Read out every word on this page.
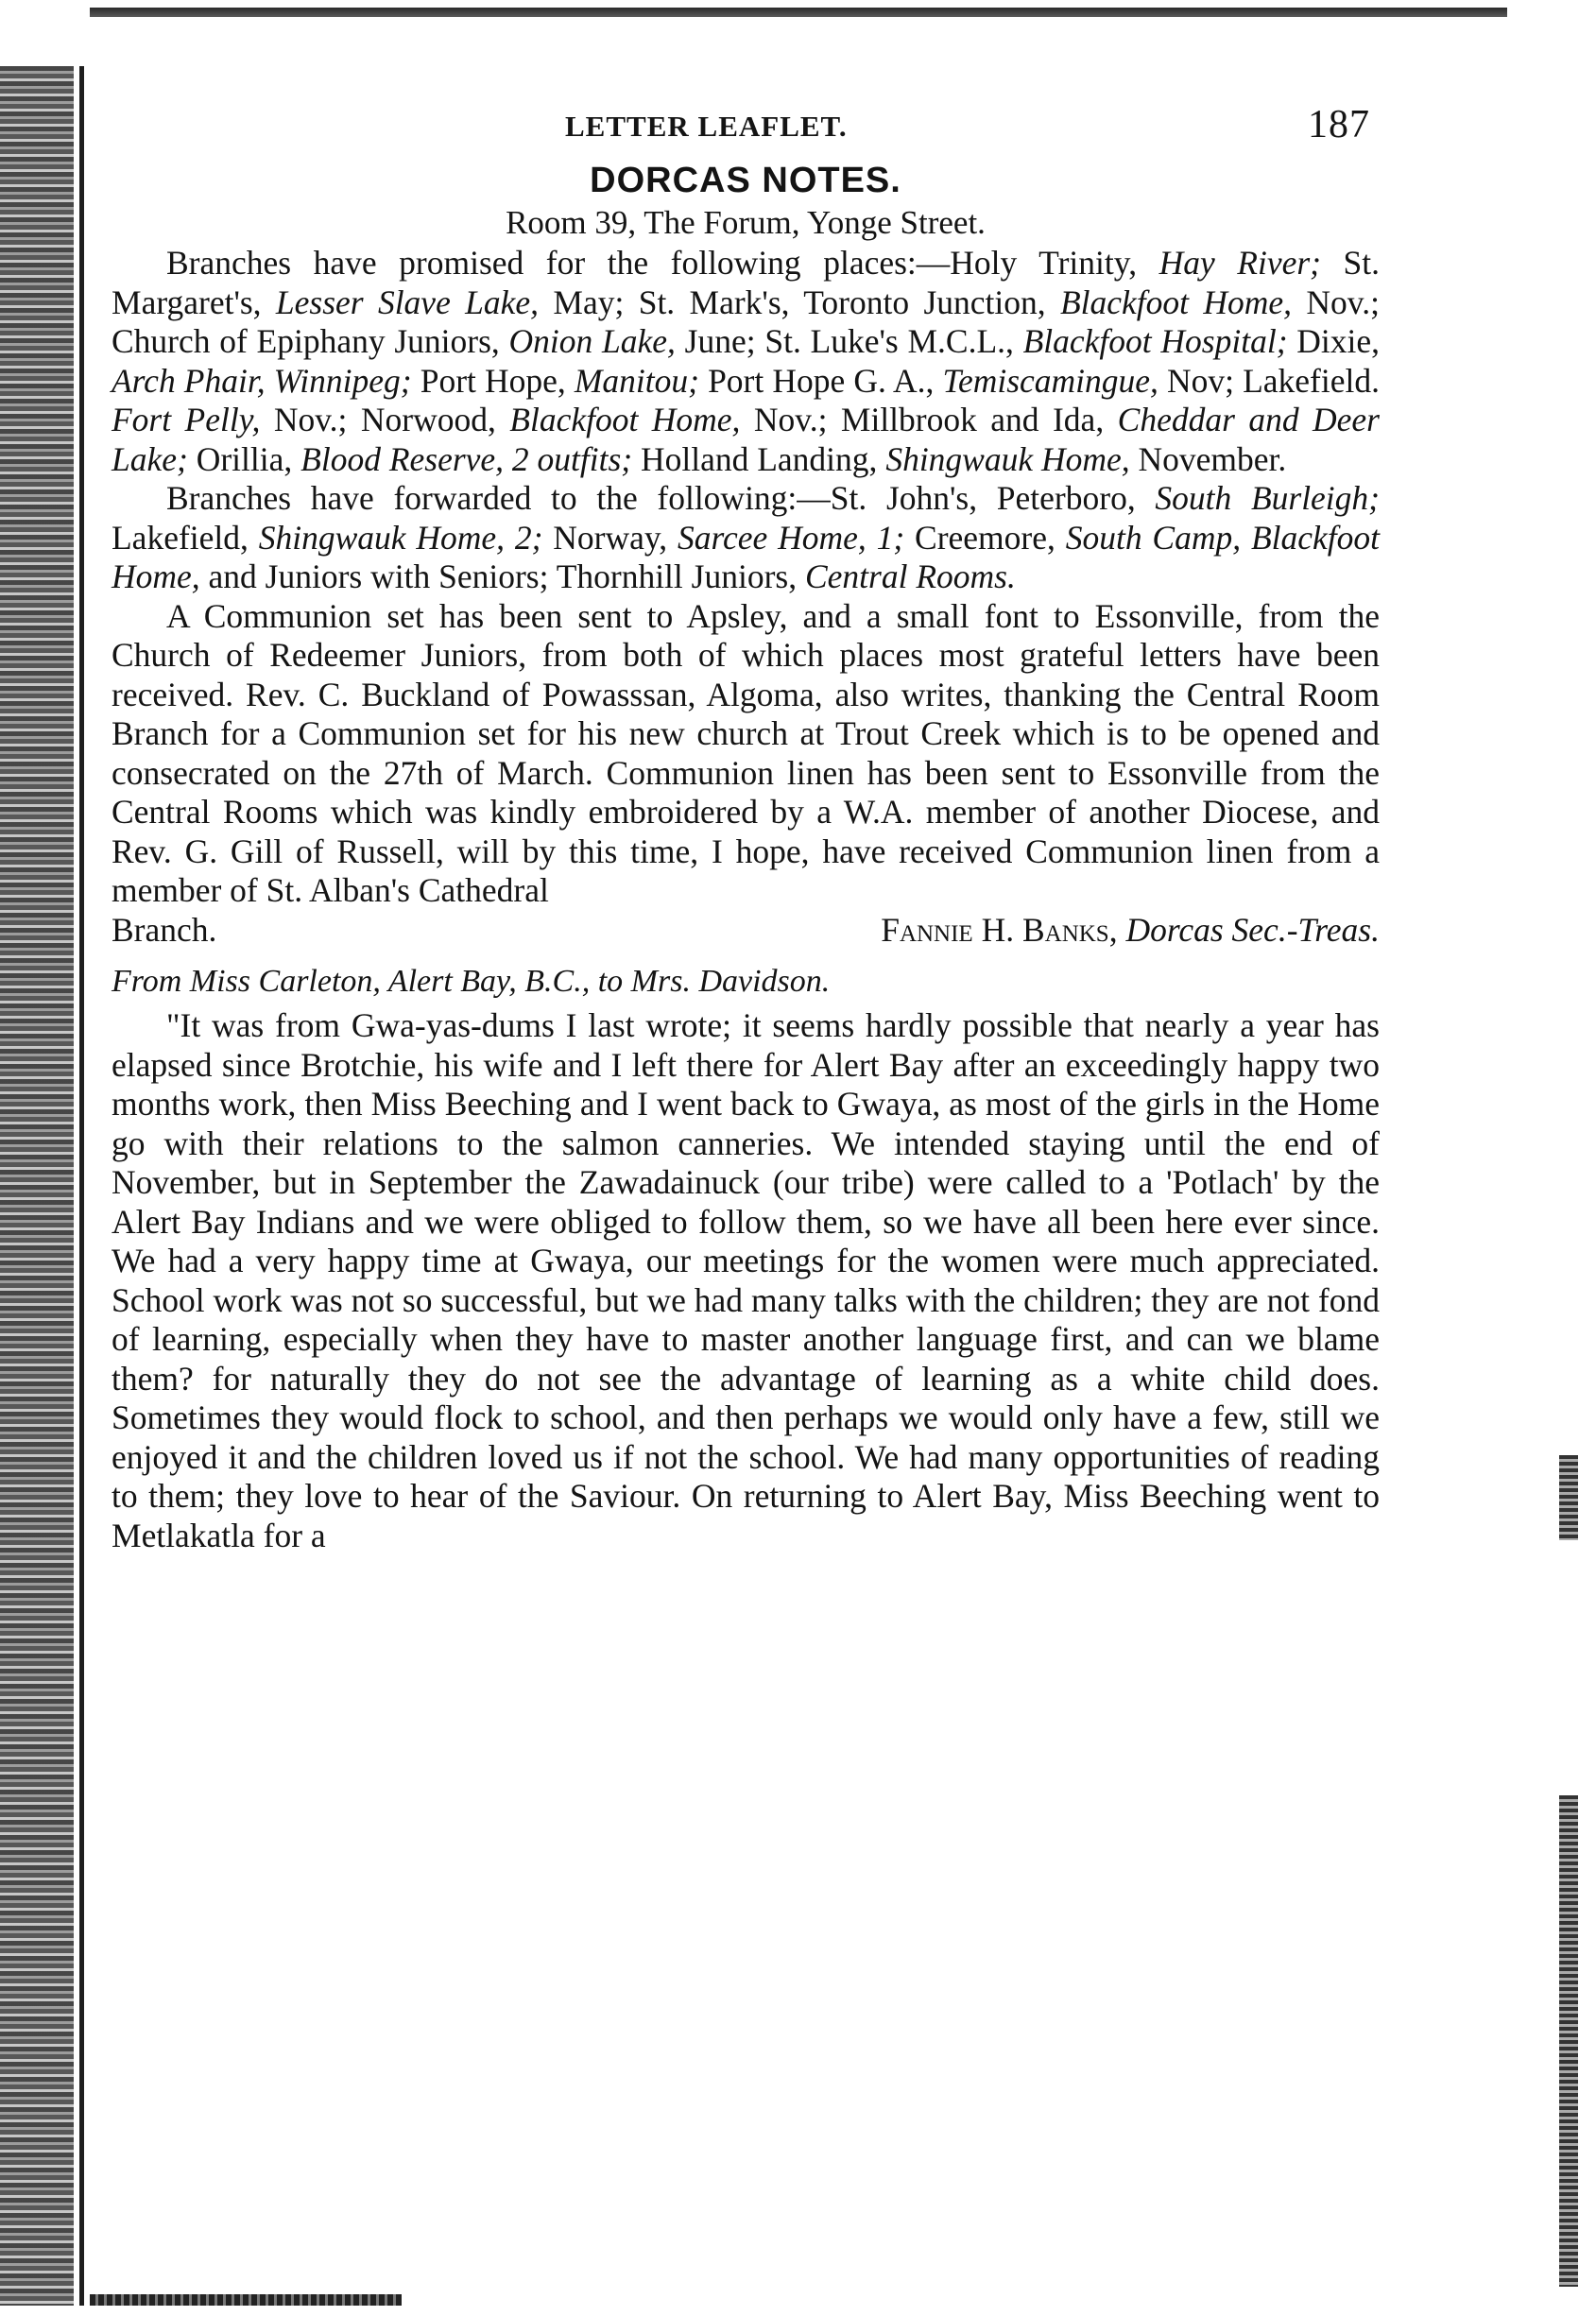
LETTER LEAFLET.	187
DORCAS NOTES.
Room 39, The Forum, Yonge Street.

Branches have promised for the following places:—Holy Trinity, Hay River; St. Margaret's, Lesser Slave Lake, May; St. Mark's, Toronto Junction, Blackfoot Home, Nov.; Church of Epiphany Juniors, Onion Lake, June; St. Luke's M.C.L., Blackfoot Hospital; Dixie, Arch Phair, Winnipeg; Port Hope, Manitou; Port Hope G. A., Temiscamingue, Nov; Lakefield. Fort Pelly, Nov.; Norwood, Blackfoot Home, Nov.; Millbrook and Ida, Cheddar and Deer Lake; Orillia, Blood Reserve, 2 outfits; Holland Landing, Shingwauk Home, November.

Branches have forwarded to the following:—St. John's, Peterboro, South Burleigh; Lakefield, Shingwauk Home, 2; Norway, Sarcee Home, 1; Creemore, South Camp, Blackfoot Home, and Juniors with Seniors; Thornhill Juniors, Central Rooms.

A Communion set has been sent to Apsley, and a small font to Essonville, from the Church of Redeemer Juniors, from both of which places most grateful letters have been received. Rev. C. Buckland of Powasssan, Algoma, also writes, thanking the Central Room Branch for a Communion set for his new church at Trout Creek which is to be opened and consecrated on the 27th of March. Communion linen has been sent to Essonville from the Central Rooms which was kindly embroidered by a W.A. member of another Diocese, and Rev. G. Gill of Russell, will by this time, I hope, have received Communion linen from a member of St. Alban's Cathedral

Branch.	Fannie H. Banks, Dorcas Sec.-Treas.
From Miss Carleton, Alert Bay, B.C., to Mrs. Davidson.

"It was from Gwa-yas-dums I last wrote; it seems hardly possible that nearly a year has elapsed since Brotchie, his wife and I left there for Alert Bay after an exceedingly happy two months work, then Miss Beeching and I went back to Gwaya, as most of the girls in the Home go with their relations to the salmon canneries. We intended staying until the end of November, but in September the Zawadainuck (our tribe) were called to a 'Potlach' by the Alert Bay Indians and we were obliged to follow them, so we have all been here ever since. We had a very happy time at Gwaya, our meetings for the women were much appreciated. School work was not so successful, but we had many talks with the children; they are not fond of learning, especially when they have to master another language first, and can we blame them? for naturally they do not see the advantage of learning as a white child does. Sometimes they would flock to school, and then perhaps we would only have a few, still we enjoyed it and the children loved us if not the school. We had many opportunities of reading to them; they love to hear of the Saviour. On returning to Alert Bay, Miss Beeching went to Metlakatla for a
